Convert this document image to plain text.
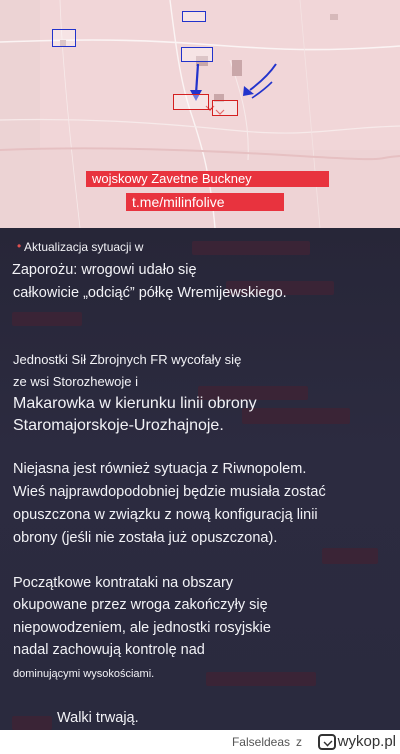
wojskowy Zavetne Buckney
t.me/milinfolive
• Aktualizacja sytuacji w
Zaporożu: wrogowi udało się
całkowicie „odciąć” półkę Wremijewskiego.
Jednostki Sił Zbrojnych FR wycofały się
ze wsi Storozhewoje i
Makarowka w kierunku linii obrony
Staromajorskoje-Urozhajnoje.
Niejasna jest również sytuacja z Riwnopolem.
Wieś najprawdopodobniej będzie musiała zostać
opuszczona w związku z nową konfiguracją linii
obrony (jeśli nie została już opuszczona).
Początkowe kontrataki na obszary
okupowane przez wroga zakończyły się
niepowodzeniem, ale jednostki rosyjskie
nadal zachowują kontrolę nad
dominującymi wysokościami.
Walki trwają.
Falseldeas z wykop.pl
